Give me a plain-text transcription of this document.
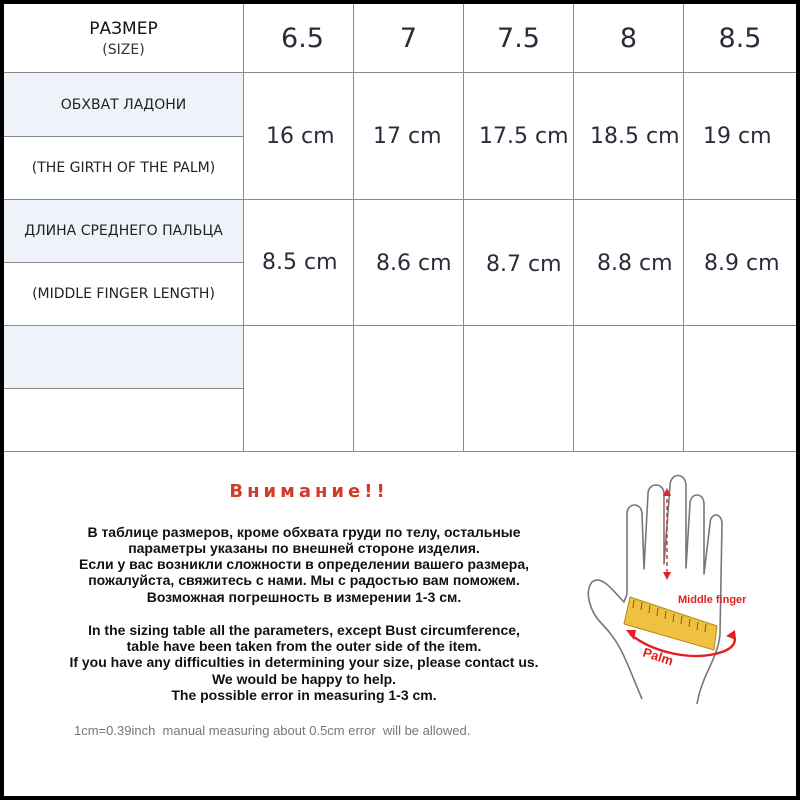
РАЗМЕР
(SIZE)	6.5	7	7.5	8	8.5
ОБХВАТ ЛАДОНИ
(THE GIRTH OF THE PALM)
16 cm 17 cm 17.5 cm 18.5 cm 19 cm
ДЛИНА СРЕДНЕГО ПАЛЬЦА
(MIDDLE FINGER LENGTH)
8.5 cm 8.6 cm 8.7 cm 8.8 cm 8.9 cm
Внимание!!
В таблице размеров, кроме обхвата груди по телу, остальные
параметры указаны по внешней стороне изделия.
Если у вас возникли сложности в определении вашего размера,
пожалуйста, свяжитесь с нами. Мы с радостью вам поможем.
Возможная погрешность в измерении 1-3 см.
In the sizing table all the parameters, except Bust circumference,
table have been taken from the outer side of the item.
If you have any difficulties in determining your size, please contact us.
We would be happy to help.
The possible error in measuring 1-3 cm.
1cm=0.39inch  manual measuring about 0.5cm error  will be allowed.
Middle finger
Palm
